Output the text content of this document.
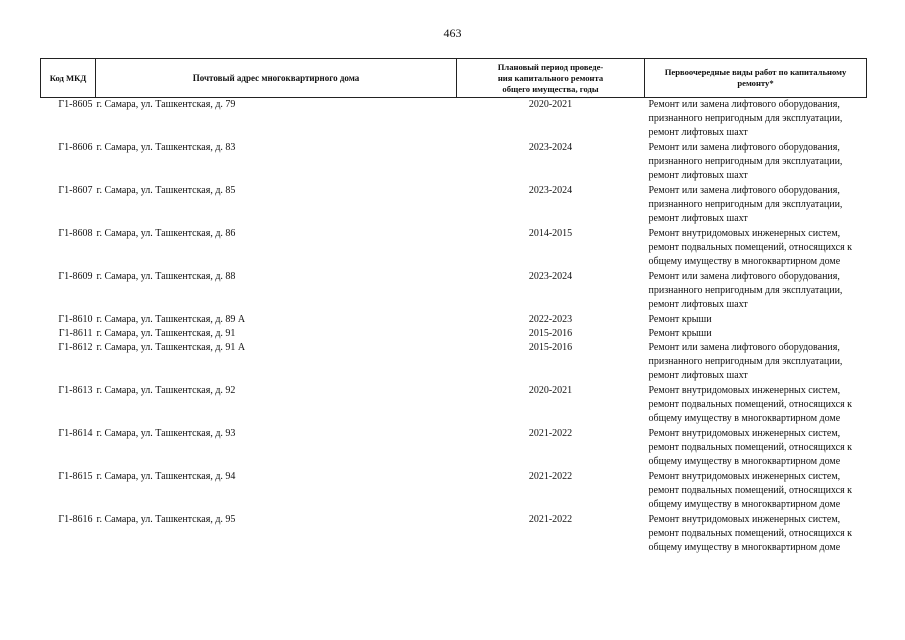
463
Код МКД	Почтовый адрес многоквартирного дома	Плановый период проведе-
ния капитального ремонта
общего имущества, годы	Первоочередные виды работ по капитальному
ремонту*
Г1-8605	г. Самара, ул. Ташкентская, д. 79	2020-2021	Ремонт или замена лифтового оборудования,
признанного непригодным для эксплуатации,
ремонт лифтовых шахт

Г1-8606	г. Самара, ул. Ташкентская, д. 83	2023-2024	Ремонт или замена лифтового оборудования,
признанного непригодным для эксплуатации,
ремонт лифтовых шахт

Г1-8607	г. Самара, ул. Ташкентская, д. 85	2023-2024	Ремонт или замена лифтового оборудования,
признанного непригодным для эксплуатации,
ремонт лифтовых шахт

Г1-8608	г. Самара, ул. Ташкентская, д. 86	2014-2015	Ремонт внутридомовых инженерных систем,
ремонт подвальных помещений, относящихся к
общему имуществу в многоквартирном доме

Г1-8609	г. Самара, ул. Ташкентская, д. 88	2023-2024	Ремонт или замена лифтового оборудования,
признанного непригодным для эксплуатации,
ремонт лифтовых шахт

Г1-8610	г. Самара, ул. Ташкентская, д. 89 А	2022-2023	Ремонт крыши

Г1-8611	г. Самара, ул. Ташкентская, д. 91	2015-2016	Ремонт крыши

Г1-8612	г. Самара, ул. Ташкентская, д. 91 А	2015-2016	Ремонт или замена лифтового оборудования,
признанного непригодным для эксплуатации,
ремонт лифтовых шахт

Г1-8613	г. Самара, ул. Ташкентская, д. 92	2020-2021	Ремонт внутридомовых инженерных систем,
ремонт подвальных помещений, относящихся к
общему имуществу в многоквартирном доме

Г1-8614	г. Самара, ул. Ташкентская, д. 93	2021-2022	Ремонт внутридомовых инженерных систем,
ремонт подвальных помещений, относящихся к
общему имуществу в многоквартирном доме

Г1-8615	г. Самара, ул. Ташкентская, д. 94	2021-2022	Ремонт внутридомовых инженерных систем,
ремонт подвальных помещений, относящихся к
общему имуществу в многоквартирном доме

Г1-8616	г. Самара, ул. Ташкентская, д. 95	2021-2022	Ремонт внутридомовых инженерных систем,
ремонт подвальных помещений, относящихся к
общему имуществу в многоквартирном доме
